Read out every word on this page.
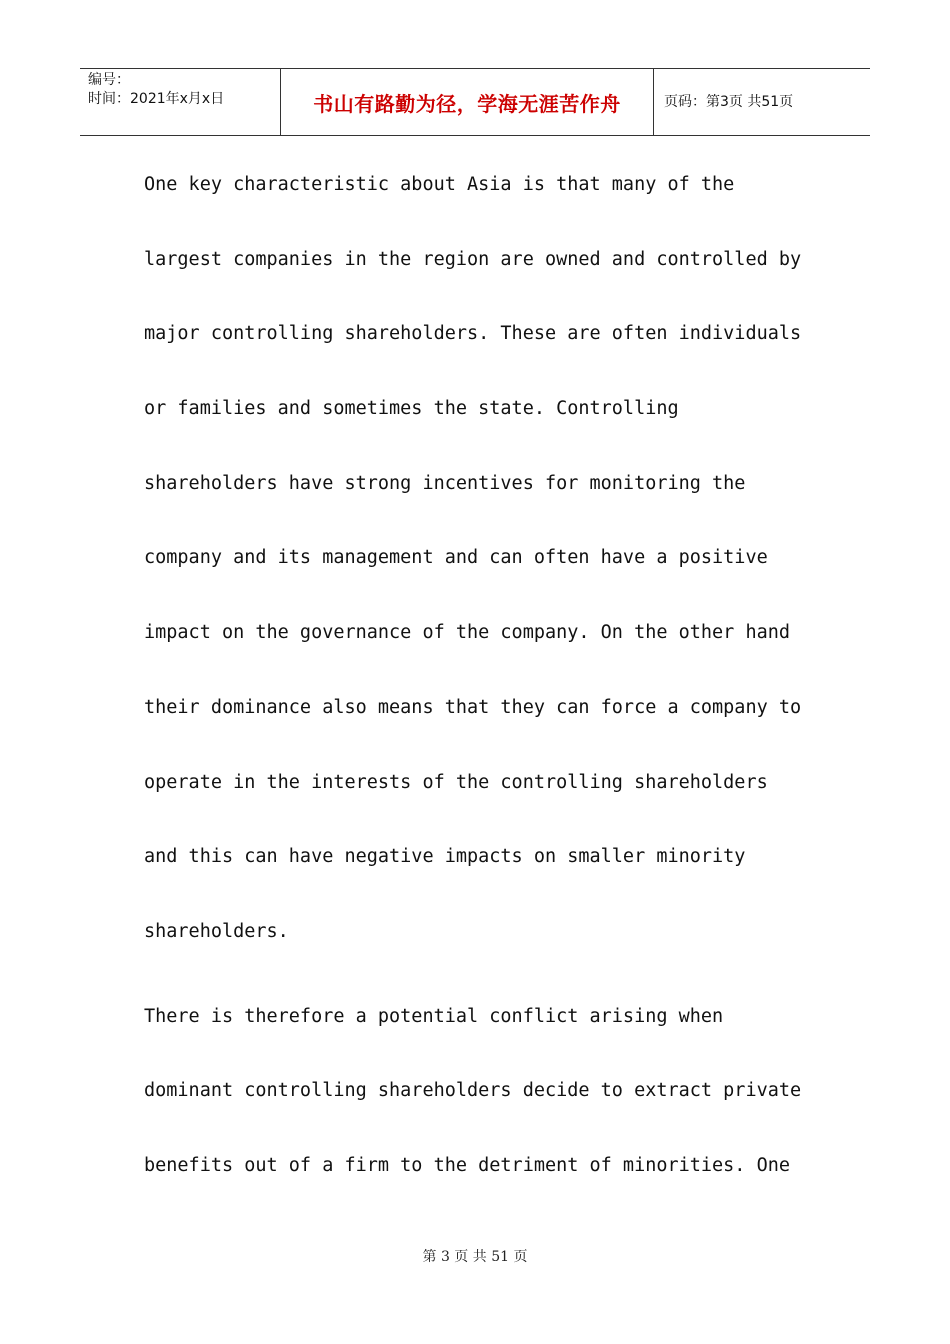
编号：
时间：2021年x月x日	书山有路勤为径，学海无涯苦作舟	页码：第3页 共51页
One key characteristic about Asia is that many of the
largest companies in the region are owned and controlled by
major controlling shareholders. These are often individuals
or families and sometimes the state. Controlling
shareholders have strong incentives for monitoring the
company and its management and can often have a positive
impact on the governance of the company. On the other hand
their dominance also means that they can force a company to
operate in the interests of the controlling shareholders
and this can have negative impacts on smaller minority
shareholders.
There is therefore a potential conflict arising when
dominant controlling shareholders decide to extract private
benefits out of a firm to the detriment of minorities. One
第 3 页 共 51 页
